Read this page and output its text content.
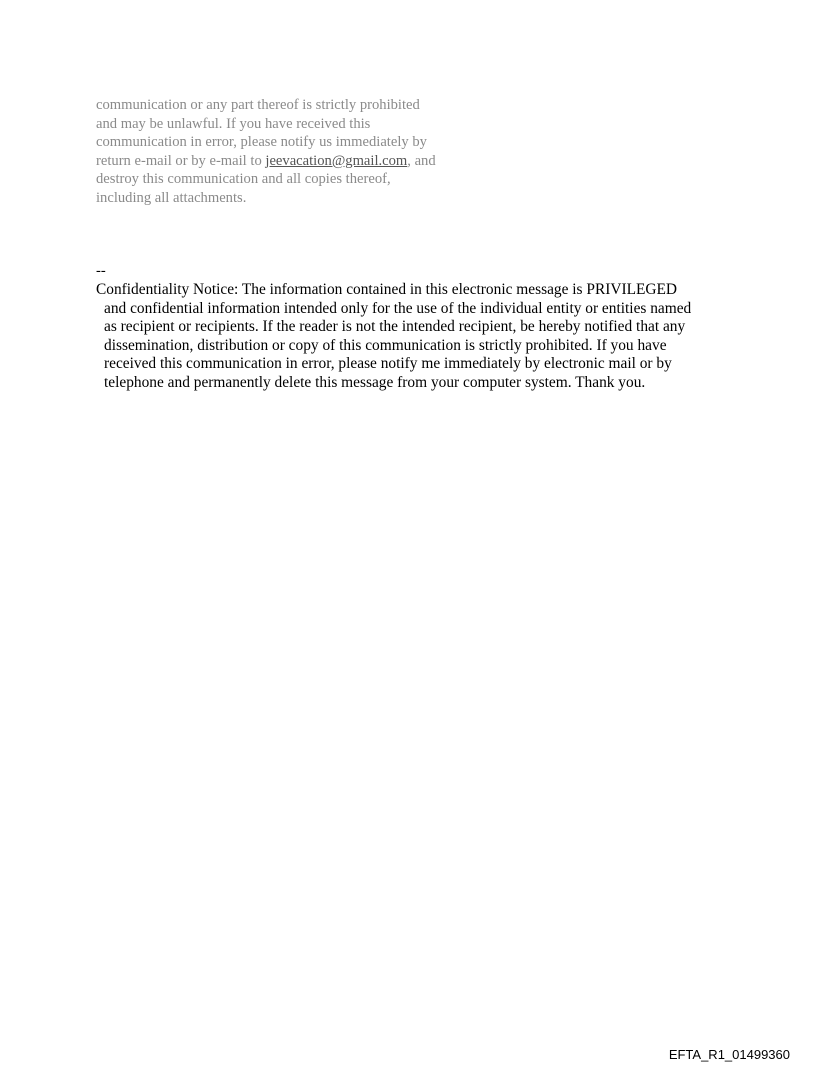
communication or any part thereof is strictly prohibited
and may be unlawful. If you have received this
communication in error, please notify us immediately by
return e-mail or by e-mail to jeevacation@gmail.com, and
destroy this communication and all copies thereof,
including all attachments.
--
Confidentiality Notice: The information contained in this electronic message is PRIVILEGED
and confidential information intended only for the use of the individual entity or entities named
as recipient or recipients. If the reader is not the intended recipient, be hereby notified that any
dissemination, distribution or copy of this communication is strictly prohibited. If you have
received this communication in error, please notify me immediately by electronic mail or by
telephone and permanently delete this message from your computer system. Thank you.
EFTA_R1_01499360
